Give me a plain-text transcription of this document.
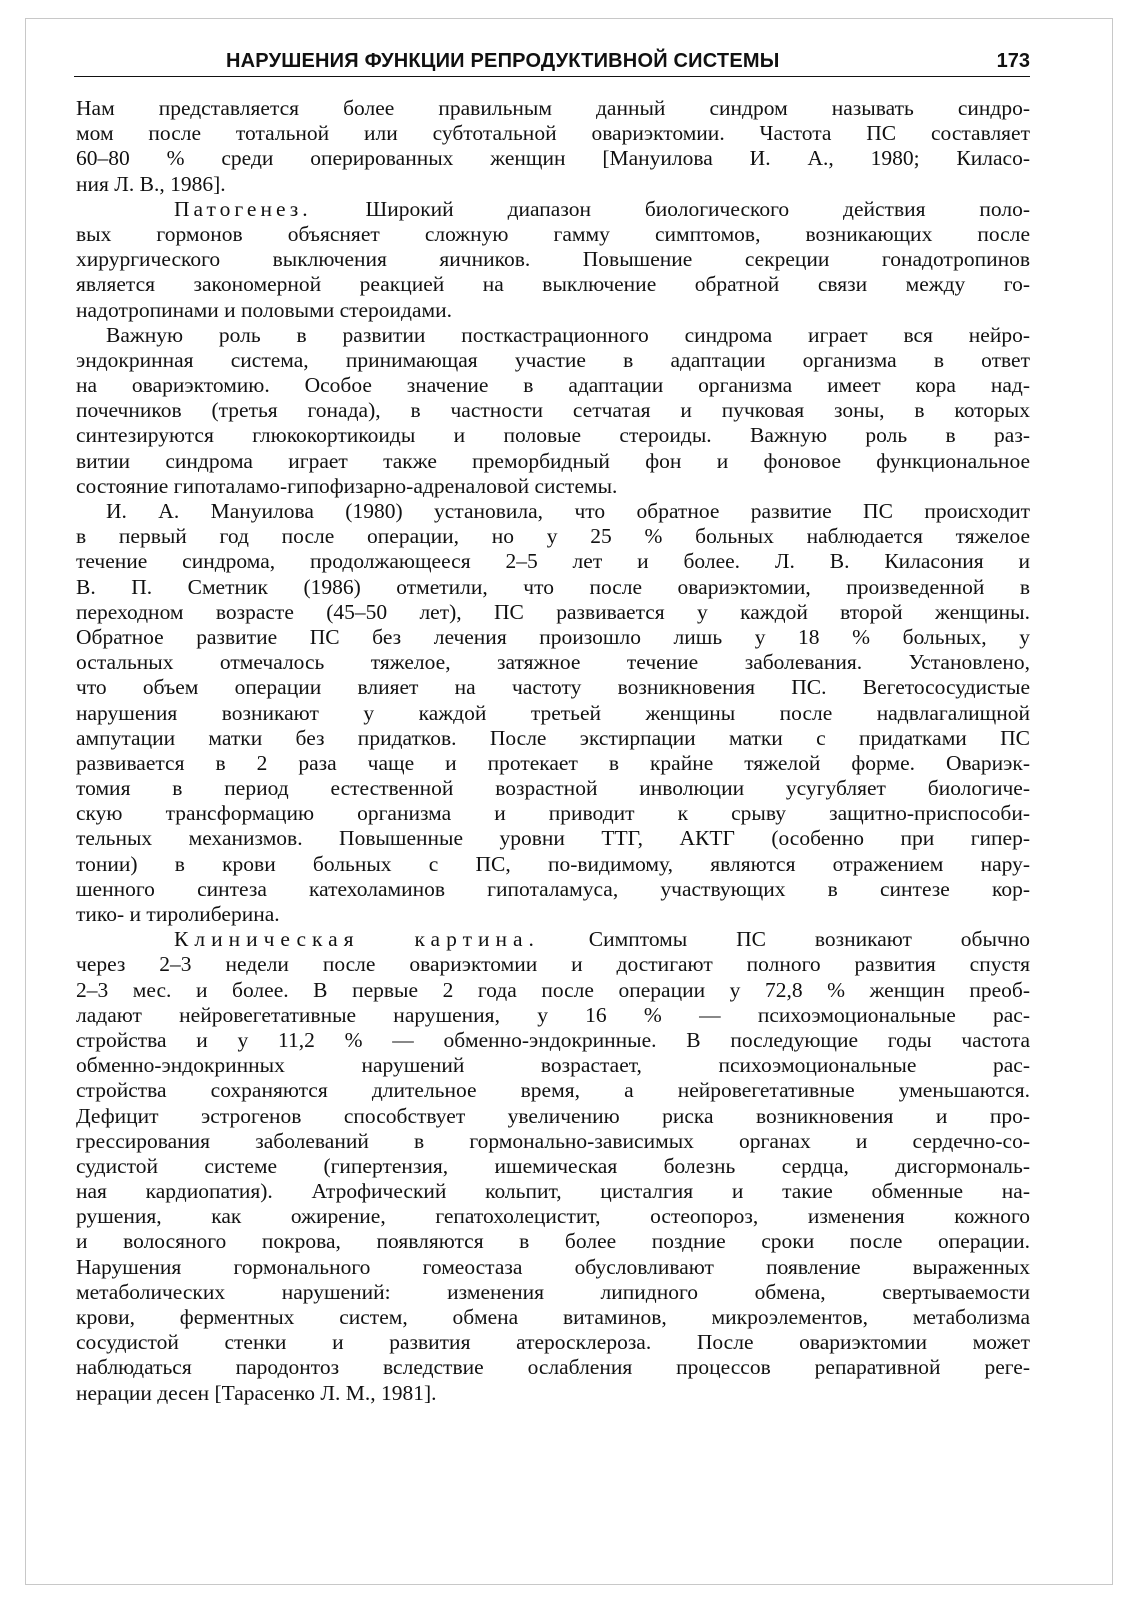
НАРУШЕНИЯ ФУНКЦИИ РЕПРОДУКТИВНОЙ СИСТЕМЫ	173
Нам представляется более правильным данный синдром называть синдро-
мом после тотальной или субтотальной овариэктомии. Частота ПС составляет
60–80 % среди оперированных женщин [Мануилова И. А., 1980; Киласо-
ния Л. В., 1986].
Патогенез. Широкий диапазон биологического действия поло-
вых гормонов объясняет сложную гамму симптомов, возникающих после
хирургического выключения яичников. Повышение секреции гонадотропинов
является закономерной реакцией на выключение обратной связи между го-
надотропинами и половыми стероидами.
Важную роль в развитии посткастрационного синдрома играет вся нейро-
эндокринная система, принимающая участие в адаптации организма в ответ
на овариэктомию. Особое значение в адаптации организма имеет кора над-
почечников (третья гонада), в частности сетчатая и пучковая зоны, в которых
синтезируются глюкокортикоиды и половые стероиды. Важную роль в раз-
витии синдрома играет также преморбидный фон и фоновое функциональное
состояние гипоталамо-гипофизарно-адреналовой системы.
И. А. Мануилова (1980) установила, что обратное развитие ПС происходит
в первый год после операции, но у 25 % больных наблюдается тяжелое
течение синдрома, продолжающееся 2–5 лет и более. Л. В. Киласония и
В. П. Сметник (1986) отметили, что после овариэктомии, произведенной в
переходном возрасте (45–50 лет), ПС развивается у каждой второй женщины.
Обратное развитие ПС без лечения произошло лишь у 18 % больных, у
остальных отмечалось тяжелое, затяжное течение заболевания. Установлено,
что объем операции влияет на частоту возникновения ПС. Вегетососудистые
нарушения возникают у каждой третьей женщины после надвлагалищной
ампутации матки без придатков. После экстирпации матки с придатками ПС
развивается в 2 раза чаще и протекает в крайне тяжелой форме. Овариэк-
томия в период естественной возрастной инволюции усугубляет биологиче-
скую трансформацию организма и приводит к срыву защитно-приспособи-
тельных механизмов. Повышенные уровни ТТГ, АКТГ (особенно при гипер-
тонии) в крови больных с ПС, по-видимому, являются отражением нару-
шенного синтеза катехоламинов гипоталамуса, участвующих в синтезе кор-
тико- и тиролиберина.
Клиническая картина. Симптомы ПС возникают обычно
через 2–3 недели после овариэктомии и достигают полного развития спустя
2–3 мес. и более. В первые 2 года после операции у 72,8 % женщин преоб-
ладают нейровегетативные нарушения, у 16 % — психоэмоциональные рас-
стройства и у 11,2 % — обменно-эндокринные. В последующие годы частота
обменно-эндокринных нарушений возрастает, психоэмоциональные рас-
стройства сохраняются длительное время, а нейровегетативные уменьшаются.
Дефицит эстрогенов способствует увеличению риска возникновения и про-
грессирования заболеваний в гормонально-зависимых органах и сердечно-со-
судистой системе (гипертензия, ишемическая болезнь сердца, дисгормональ-
ная кардиопатия). Атрофический кольпит, цисталгия и такие обменные на-
рушения, как ожирение, гепатохолецистит, остеопороз, изменения кожного
и волосяного покрова, появляются в более поздние сроки после операции.
Нарушения гормонального гомеостаза обусловливают появление выраженных
метаболических нарушений: изменения липидного обмена, свертываемости
крови, ферментных систем, обмена витаминов, микроэлементов, метаболизма
сосудистой стенки и развития атеросклероза. После овариэктомии может
наблюдаться пародонтоз вследствие ослабления процессов репаративной реге-
нерации десен [Тарасенко Л. М., 1981].
